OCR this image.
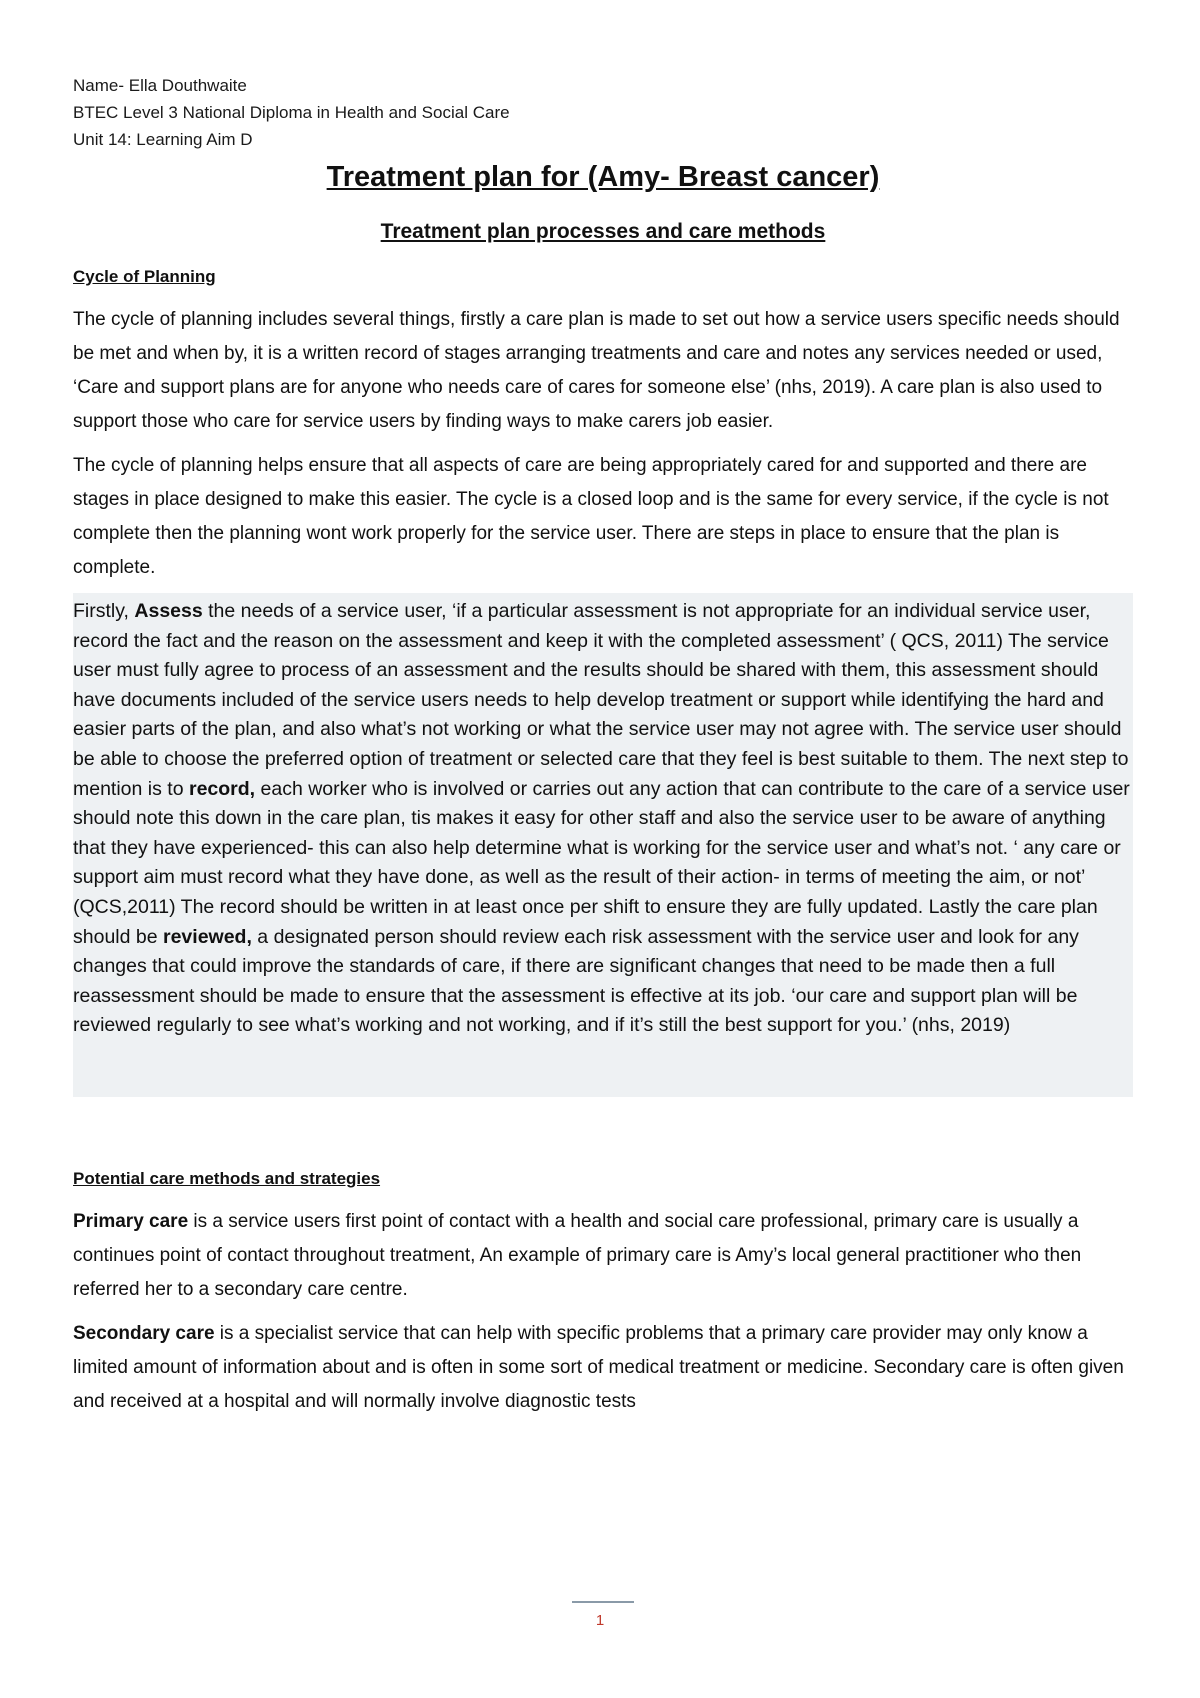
Name- Ella Douthwaite
BTEC Level 3 National Diploma in Health and Social Care
Unit 14: Learning Aim D
Treatment plan for (Amy- Breast cancer)
Treatment plan processes and care methods
Cycle of Planning

The cycle of planning includes several things, firstly a care plan is made to set out how a service users specific needs should be met and when by, it is a written record of stages arranging treatments and care and notes any services needed or used, ‘Care and support plans are for anyone who needs care of cares for someone else’ (nhs, 2019). A care plan is also used to support those who care for service users by finding ways to make carers job easier.

The cycle of planning helps ensure that all aspects of care are being appropriately cared for and supported and there are stages in place designed to make this easier. The cycle is a closed loop and is the same for every service, if the cycle is not complete then the planning wont work properly for the service user. There are steps in place to ensure that the plan is complete.

Firstly, Assess the needs of a service user, ‘if a particular assessment is not appropriate for an individual service user, record the fact and the reason on the assessment and keep it with the completed assessment’ ( QCS, 2011) The service user must fully agree to process of an assessment and the results should be shared with them, this assessment should have documents included of the service users needs to help develop treatment or support while identifying the hard and easier parts of the plan, and also what’s not working or what the service user may not agree with. The service user should be able to choose the preferred option of treatment or selected care that they feel is best suitable to them. The next step to mention is to record, each worker who is involved or carries out any action that can contribute to the care of a service user should note this down in the care plan, tis makes it easy for other staff and also the service user to be aware of anything that they have experienced- this can also help determine what is working for the service user and what’s not. ‘ any care or support aim must record what they have done, as well as the result of their action- in terms of meeting the aim, or not’ (QCS,2011) The record should be written in at least once per shift to ensure they are fully updated. Lastly the care plan should be reviewed, a designated person should review each risk assessment with the service user and look for any changes that could improve the standards of care, if there are significant changes that need to be made then a full reassessment should be made to ensure that the assessment is effective at its job. ‘our care and support plan will be reviewed regularly to see what’s working and not working, and if it’s still the best support for you.’ (nhs, 2019)
Potential care methods and strategies

Primary care is a service users first point of contact with a health and social care professional, primary care is usually a continues point of contact throughout treatment, An example of primary care is Amy’s local general practitioner who then referred her to a secondary care centre.

Secondary care is a specialist service that can help with specific problems that a primary care provider may only know a limited amount of information about and is often in some sort of medical treatment or medicine. Secondary care is often given and received at a hospital and will normally involve diagnostic tests

1
